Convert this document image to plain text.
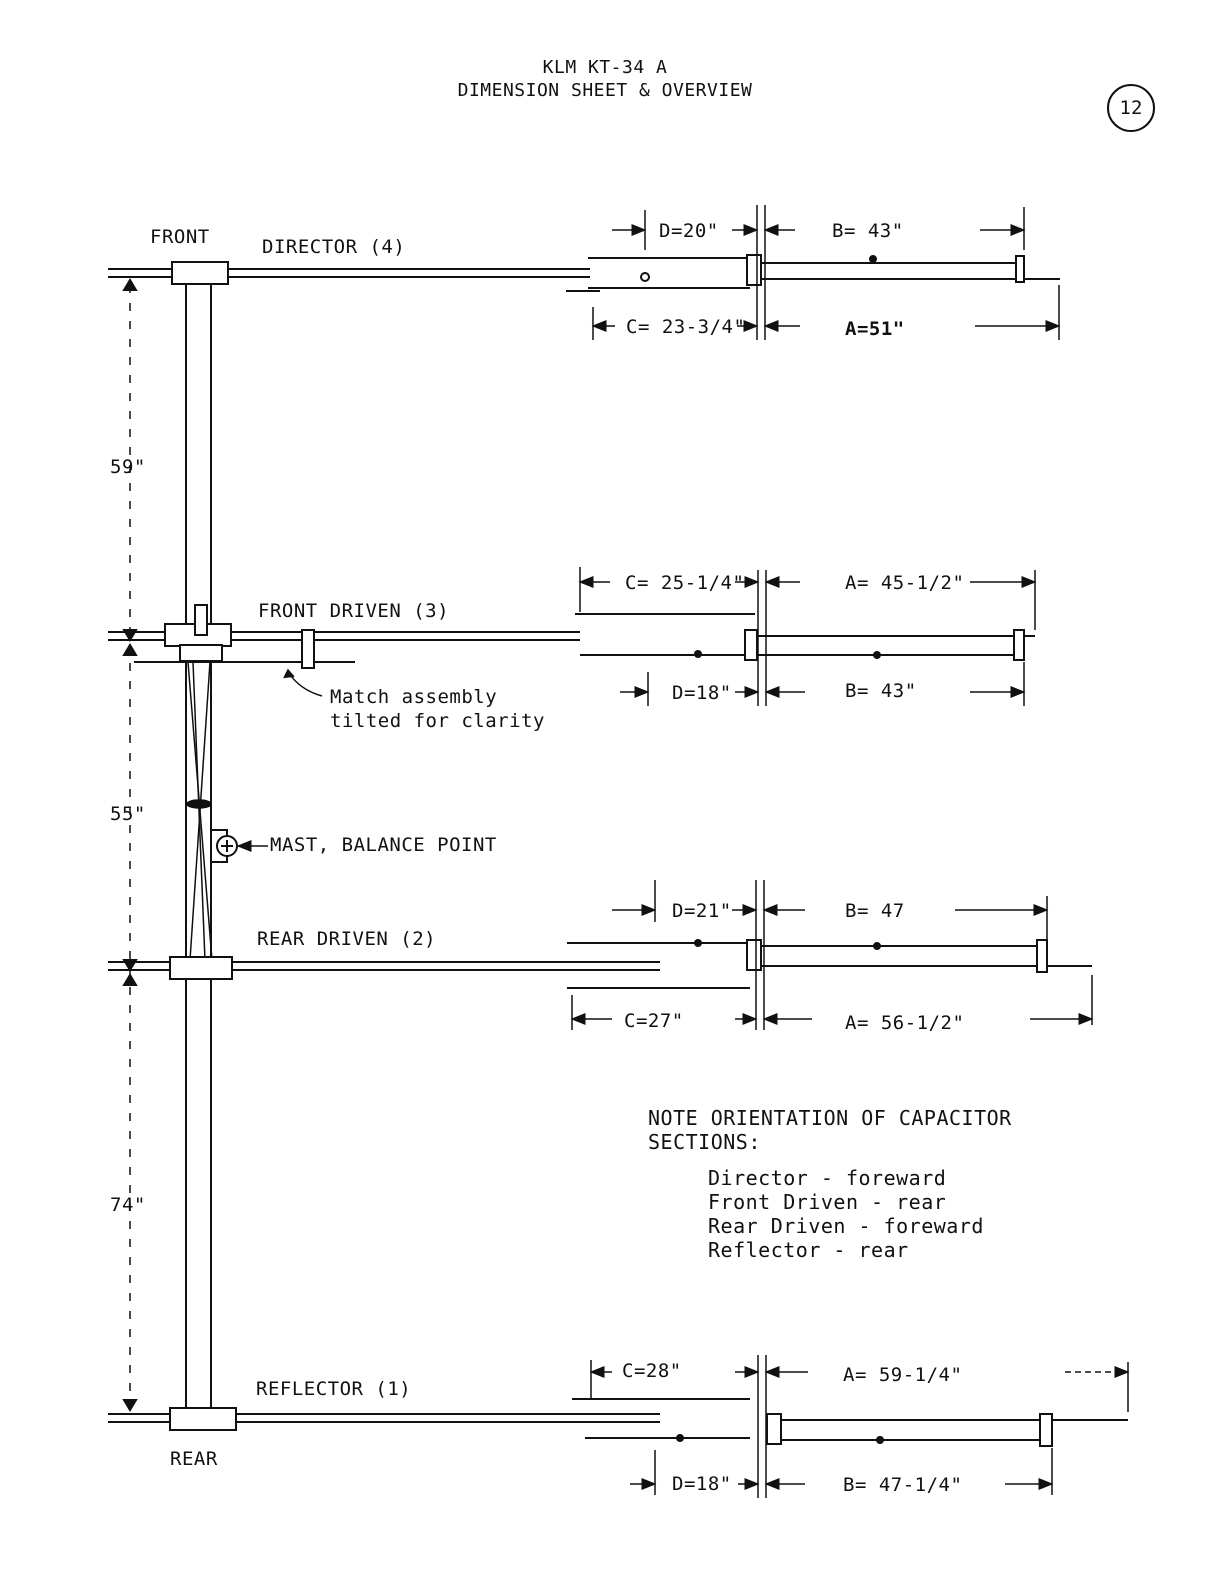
KLM KT-34 A
DIMENSION SHEET & OVERVIEW
12
FRONT
REAR
59"
55"
74"
DIRECTOR (4)
D=20"	B= 43"
C= 23-3/4"	A=51"
FRONT DRIVEN (3)
C= 25-1/4"	A= 45-1/2"
D=18"	B= 43"
Match assembly
tilted for clarity
MAST, BALANCE POINT
REAR DRIVEN (2)
D=21"	B= 47
C=27"	A= 56-1/2"
REFLECTOR (1)
C=28"	A= 59-1/4"
D=18"	B= 47-1/4"
NOTE ORIENTATION OF CAPACITOR
SECTIONS:
Director - foreward
Front Driven - rear
Rear Driven - foreward
Reflector - rear
